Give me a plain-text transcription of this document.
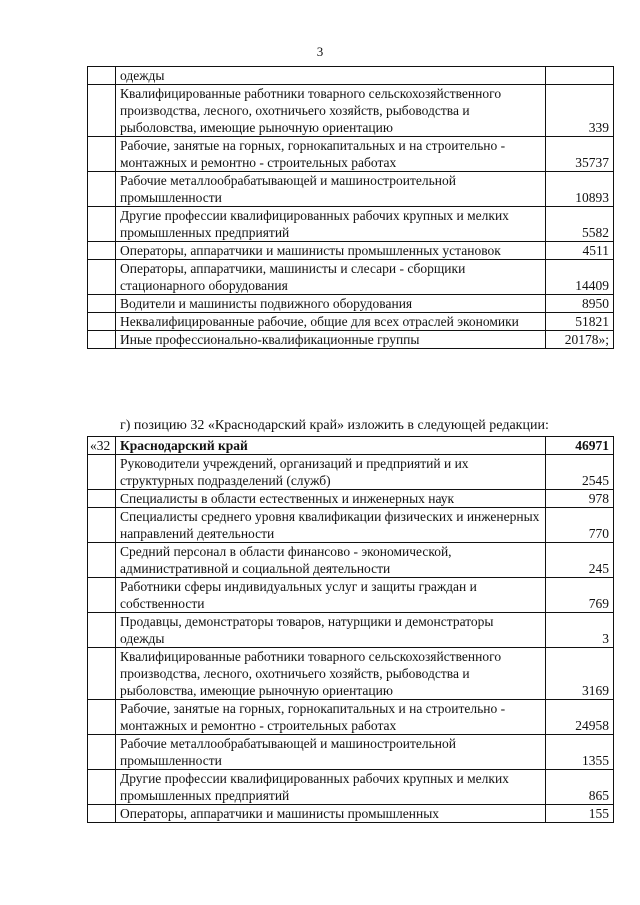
3
	одежды	
	Квалифицированные работники товарного сельскохозяйственного производства, лесного, охотничьего хозяйств, рыбоводства и рыболовства, имеющие рыночную ориентацию	339
	Рабочие, занятые на горных, горнокапитальных и на строительно - монтажных и ремонтно - строительных работах	35737
	Рабочие металлообрабатывающей и машиностроительной промышленности	10893
	Другие профессии квалифицированных рабочих крупных и мелких промышленных предприятий	5582
	Операторы, аппаратчики и машинисты промышленных установок	4511
	Операторы, аппаратчики, машинисты и слесари - сборщики стационарного оборудования	14409
	Водители и машинисты подвижного оборудования	8950
	Неквалифицированные рабочие, общие для всех отраслей экономики	51821
	Иные профессионально-квалификационные группы	20178»;
г) позицию 32 «Краснодарский край» изложить в следующей редакции:
«32	Краснодарский край	46971
	Руководители учреждений, организаций и предприятий и их структурных подразделений (служб)	2545
	Специалисты в области естественных и инженерных наук	978
	Специалисты среднего уровня квалификации физических и инженерных направлений деятельности	770
	Средний персонал в области финансово - экономической, административной и социальной деятельности	245
	Работники сферы индивидуальных услуг и защиты граждан и собственности	769
	Продавцы, демонстраторы товаров, натурщики и демонстраторы одежды	3
	Квалифицированные работники товарного сельскохозяйственного производства, лесного, охотничьего хозяйств, рыбоводства и рыболовства, имеющие рыночную ориентацию	3169
	Рабочие, занятые на горных, горнокапитальных и на строительно - монтажных и ремонтно - строительных работах	24958
	Рабочие металлообрабатывающей и машиностроительной промышленности	1355
	Другие профессии квалифицированных рабочих крупных и мелких промышленных предприятий	865
	Операторы, аппаратчики и машинисты промышленных	155
